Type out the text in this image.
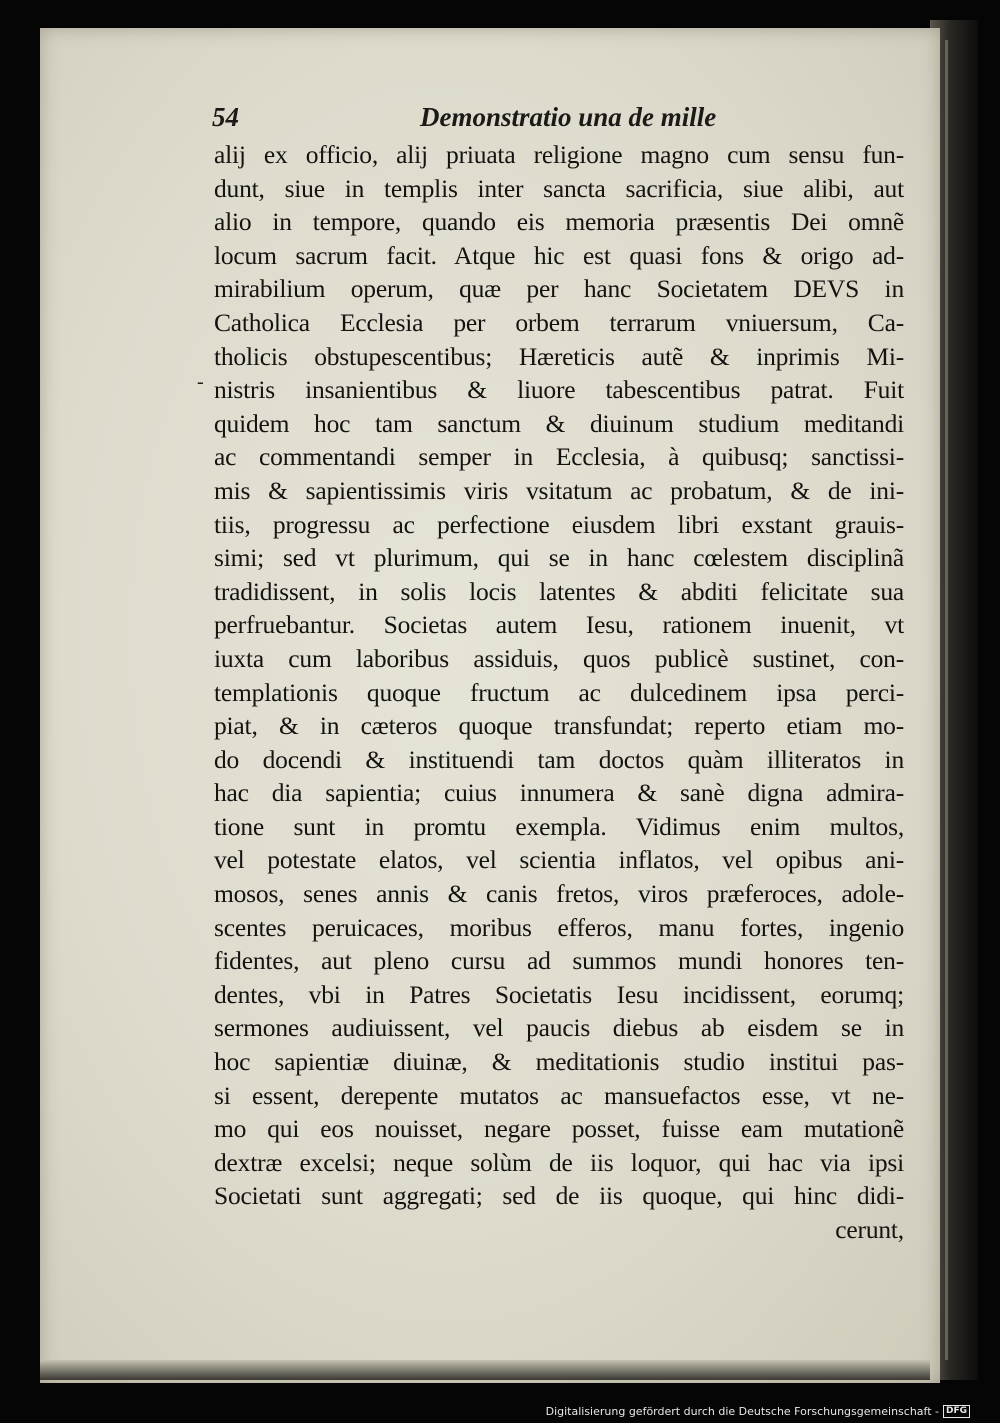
54	Demonstratio una de mille
-
alij ex officio, alij priuata religione magno cum sensu fun-
dunt, siue in templis inter sancta sacrificia, siue alibi, aut
alio in tempore, quando eis memoria præsentis Dei omnẽ
locum sacrum facit. Atque hic est quasi fons & origo ad-
mirabilium operum, quæ per hanc Societatem DEVS in
Catholica Ecclesia per orbem terrarum vniuersum, Ca-
tholicis obstupescentibus; Hæreticis autẽ & inprimis Mi-
nistris insanientibus & liuore tabescentibus patrat. Fuit
quidem hoc tam sanctum & diuinum studium meditandi
ac commentandi semper in Ecclesia, à quibusq; sanctissi-
mis & sapientissimis viris vsitatum ac probatum, & de ini-
tiis, progressu ac perfectione eiusdem libri exstant grauis-
simi; sed vt plurimum, qui se in hanc cœlestem disciplinã
tradidissent, in solis locis latentes & abditi felicitate sua
perfruebantur. Societas autem Iesu, rationem inuenit, vt
iuxta cum laboribus assiduis, quos publicè sustinet, con-
templationis quoque fructum ac dulcedinem ipsa perci-
piat, & in cæteros quoque transfundat; reperto etiam mo-
do docendi & instituendi tam doctos quàm illiteratos in
hac dia sapientia; cuius innumera & sanè digna admira-
tione sunt in promtu exempla. Vidimus enim multos,
vel potestate elatos, vel scientia inflatos, vel opibus ani-
mosos, senes annis & canis fretos, viros præferoces, adole-
scentes peruicaces, moribus efferos, manu fortes, ingenio
fidentes, aut pleno cursu ad summos mundi honores ten-
dentes, vbi in Patres Societatis Iesu incidissent, eorumq;
sermones audiuissent, vel paucis diebus ab eisdem se in
hoc sapientiæ diuinæ, & meditationis studio institui pas-
si essent, derepente mutatos ac mansuefactos esse, vt ne-
mo qui eos nouisset, negare posset, fuisse eam mutationẽ
dextræ excelsi; neque solùm de iis loquor, qui hac via ipsi
Societati sunt aggregati; sed de iis quoque, qui hinc didi-
cerunt,
Digitalisierung gefördert durch die Deutsche Forschungsgemeinschaft - DFG
